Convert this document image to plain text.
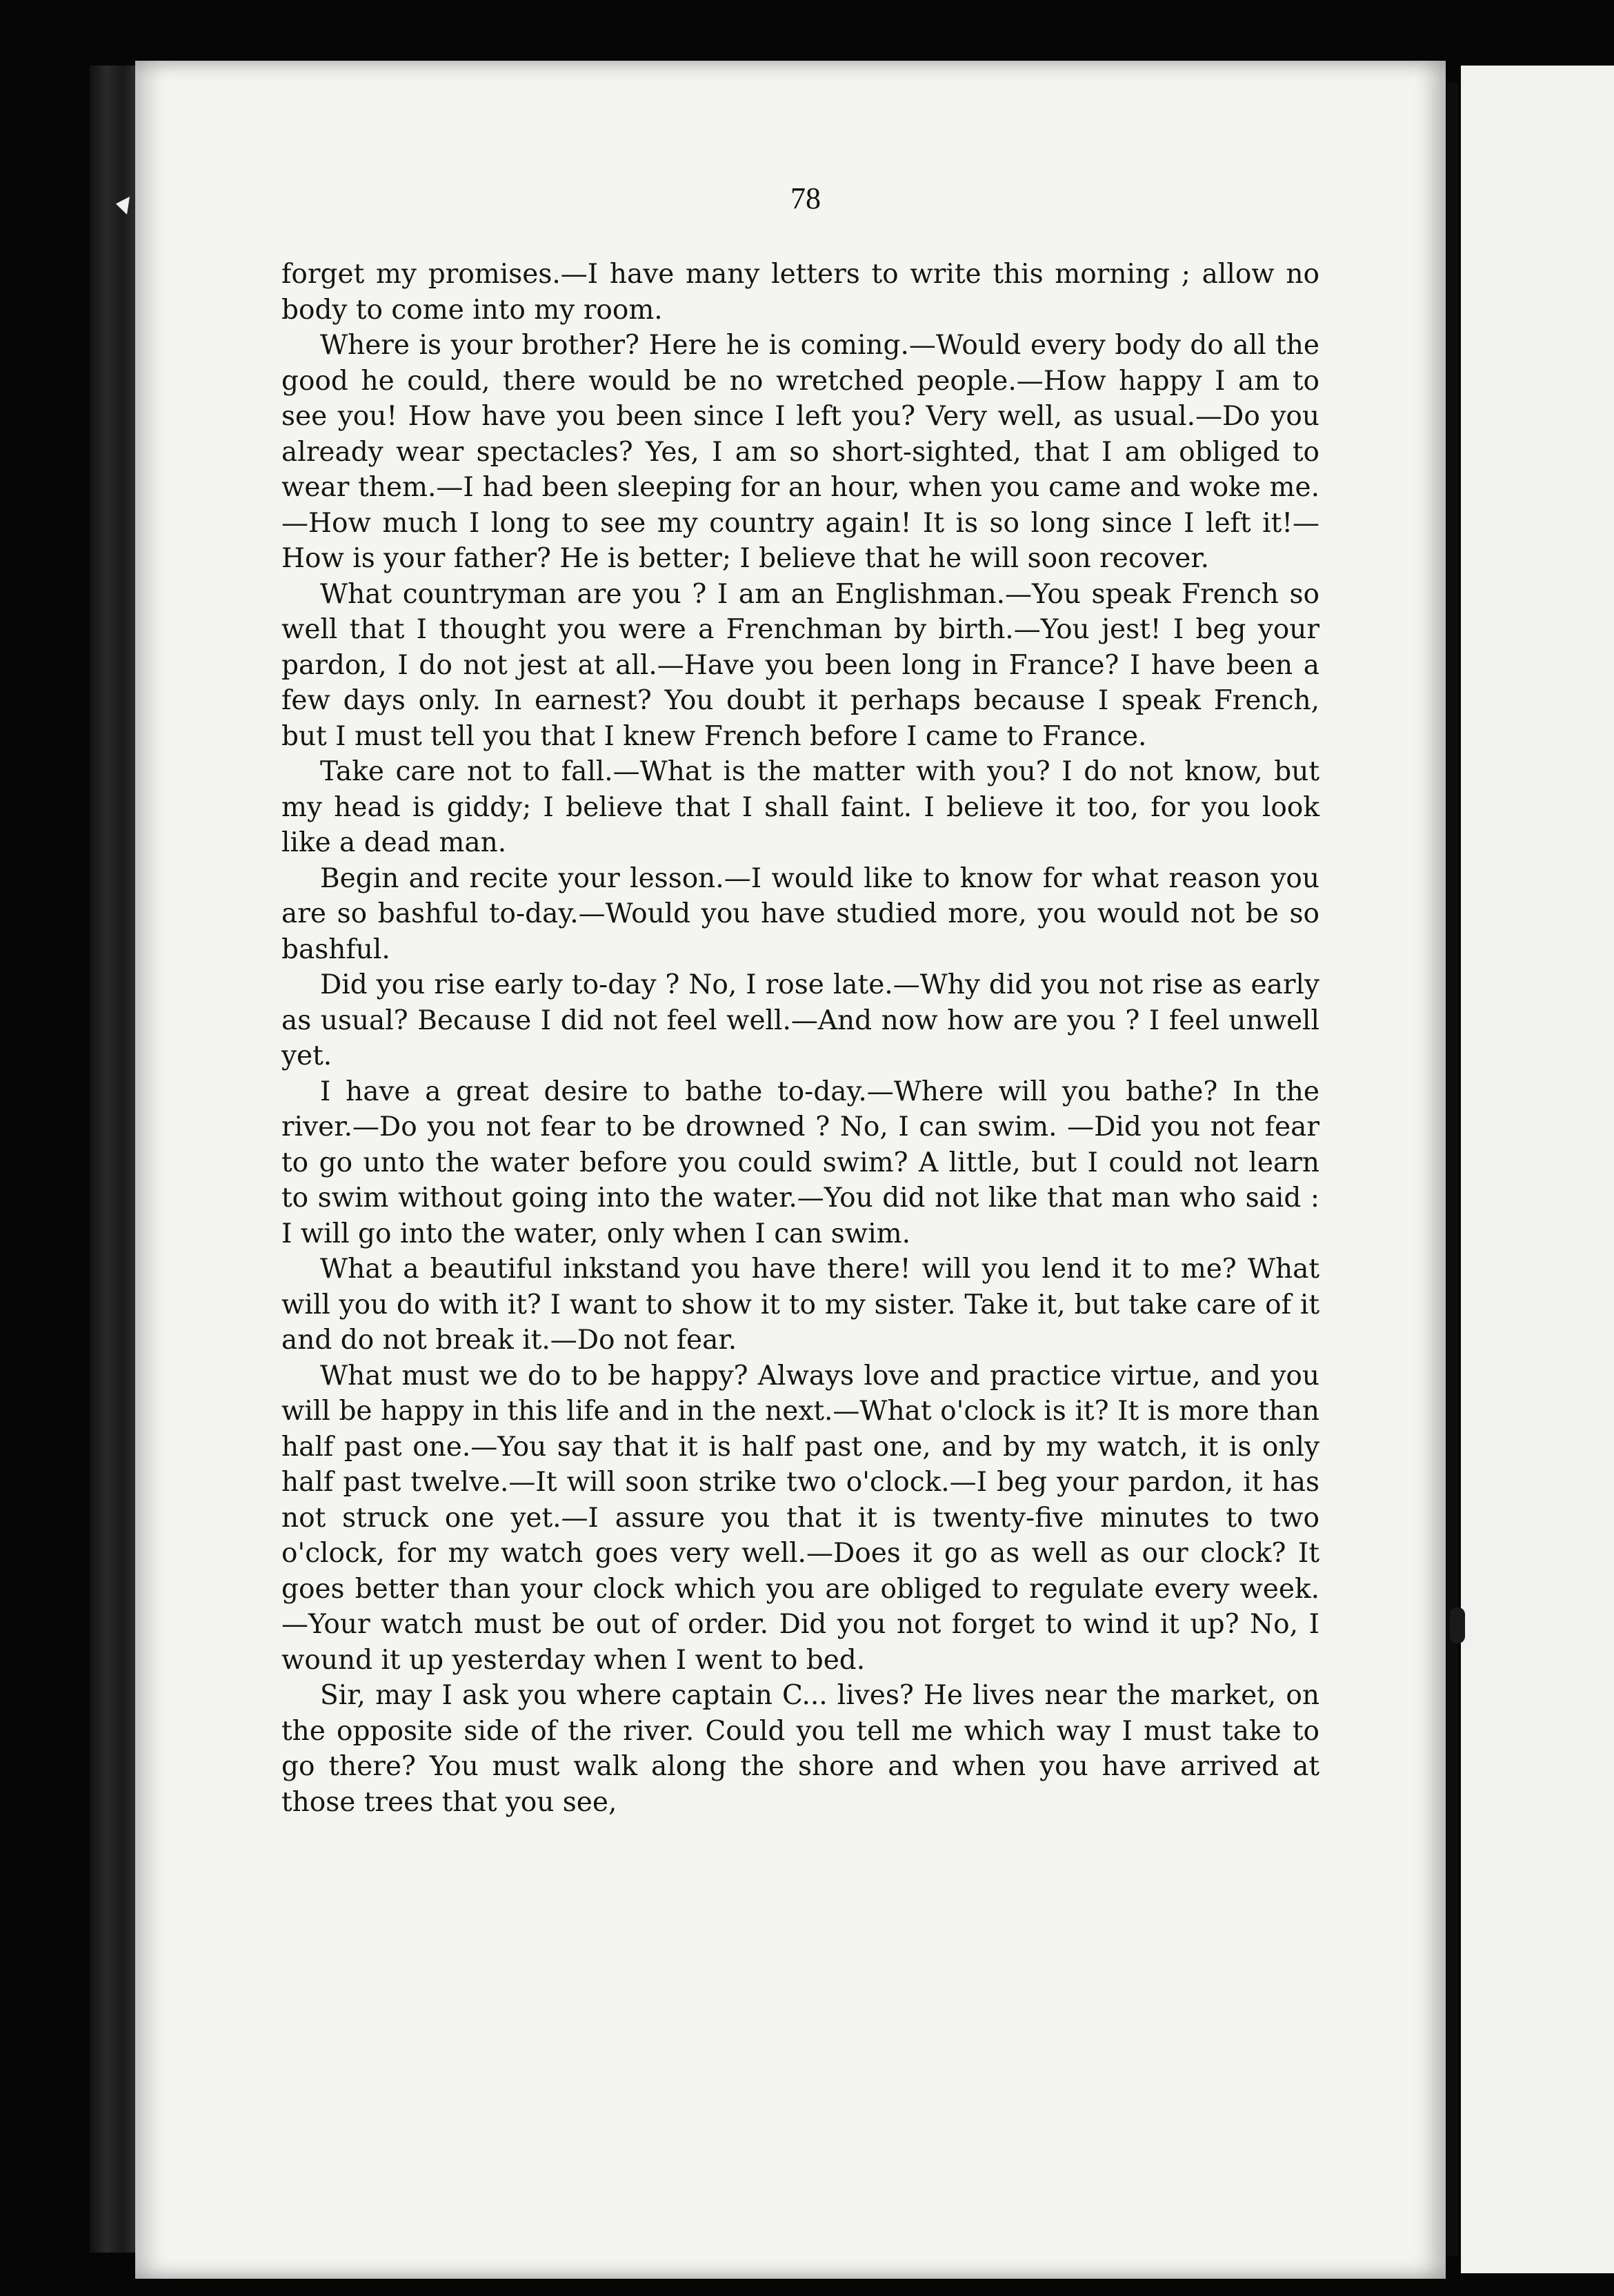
78

forget my promises.—I have many letters to write this morning ; allow no body to come into my room.

Where is your brother? Here he is coming.—Would every body do all the good he could, there would be no wretched people.—How happy I am to see you! How have you been since I left you? Very well, as usual.—Do you already wear spectacles? Yes, I am so short-sighted, that I am obliged to wear them.—I had been sleeping for an hour, when you came and woke me.—How much I long to see my country again! It is so long since I left it!—How is your father? He is better; I believe that he will soon recover.

What countryman are you ? I am an Englishman.—You speak French so well that I thought you were a Frenchman by birth.—You jest! I beg your pardon, I do not jest at all.—Have you been long in France? I have been a few days only. In earnest? You doubt it perhaps because I speak French, but I must tell you that I knew French before I came to France.

Take care not to fall.—What is the matter with you? I do not know, but my head is giddy; I believe that I shall faint. I believe it too, for you look like a dead man.

Begin and recite your lesson.—I would like to know for what reason you are so bashful to-day.—Would you have studied more, you would not be so bashful.

Did you rise early to-day ? No, I rose late.—Why did you not rise as early as usual? Because I did not feel well.—And now how are you ? I feel unwell yet.

I have a great desire to bathe to-day.—Where will you bathe? In the river.—Do you not fear to be drowned ? No, I can swim. —Did you not fear to go unto the water before you could swim? A little, but I could not learn to swim without going into the water.—You did not like that man who said : I will go into the water, only when I can swim.

What a beautiful inkstand you have there! will you lend it to me? What will you do with it? I want to show it to my sister. Take it, but take care of it and do not break it.—Do not fear.

What must we do to be happy? Always love and practice virtue, and you will be happy in this life and in the next.—What o'clock is it? It is more than half past one.—You say that it is half past one, and by my watch, it is only half past twelve.—It will soon strike two o'clock.—I beg your pardon, it has not struck one yet.—I assure you that it is twenty-five minutes to two o'clock, for my watch goes very well.—Does it go as well as our clock? It goes better than your clock which you are obliged to regulate every week.—Your watch must be out of order. Did you not forget to wind it up? No, I wound it up yesterday when I went to bed.

Sir, may I ask you where captain C... lives? He lives near the market, on the opposite side of the river. Could you tell me which way I must take to go there? You must walk along the shore and when you have arrived at those trees that you see,
